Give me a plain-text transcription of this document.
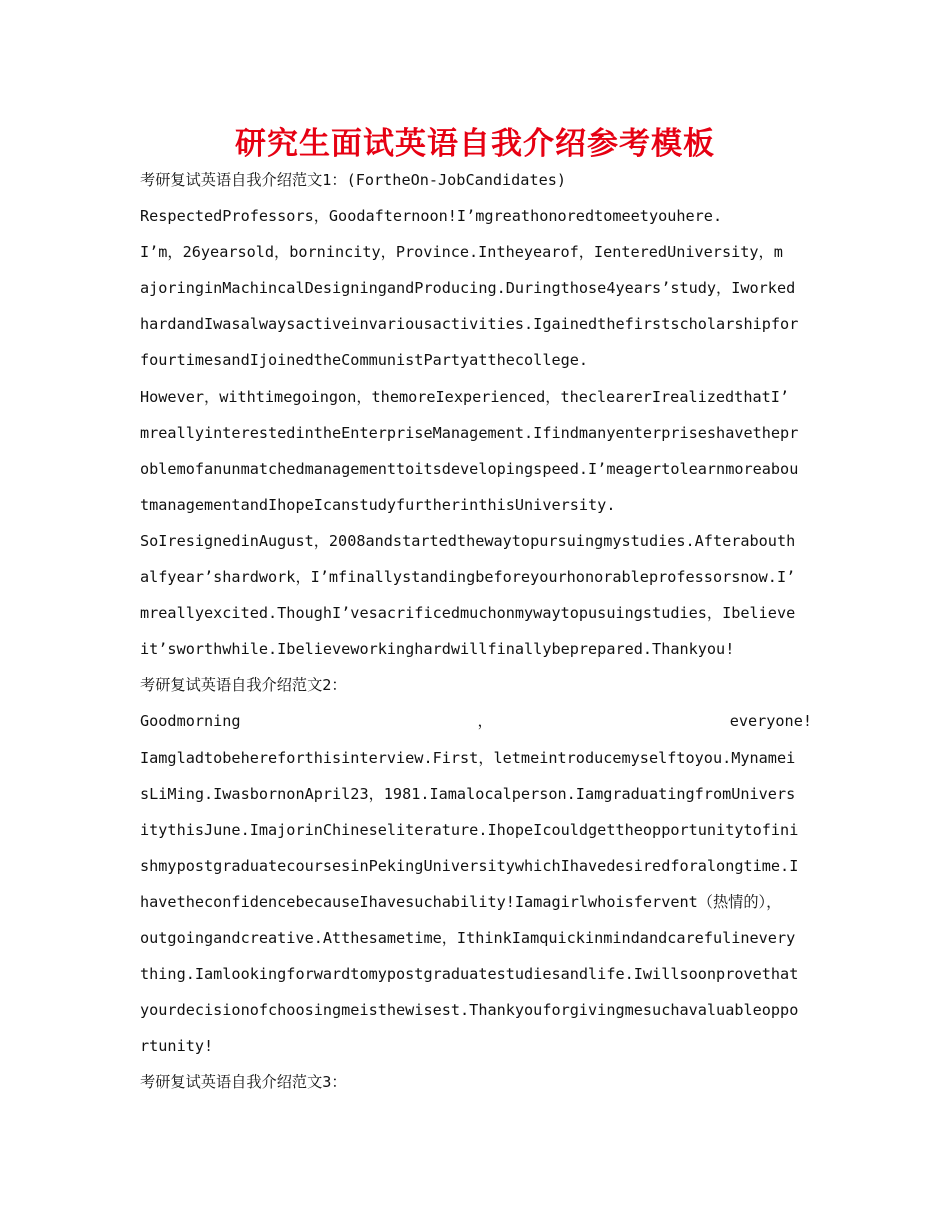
研究生面试英语自我介绍参考模板
考研复试英语自我介绍范文1：(FortheOn-JobCandidates)
RespectedProfessors，Goodafternoon!I’mgreathonoredtomeetyouhere.
I’m，26yearsold，bornincity，Province.Intheyearof，IenteredUniversity，m
ajoringinMachincalDesigningandProducing.Duringthose4years’study，Iworked
hardandIwasalwaysactiveinvariousactivities.Igainedthefirstscholarshipfor
fourtimesandIjoinedtheCommunistPartyatthecollege.
However，withtimegoingon，themoreIexperienced，theclearerIrealizedthatI’
mreallyinterestedintheEnterpriseManagement.Ifindmanyenterpriseshavethepr
oblemofanunmatchedmanagementtoitsdevelopingspeed.I’meagertolearnmoreabou
tmanagementandIhopeIcanstudyfurtherinthisUniversity.
SoIresignedinAugust，2008andstartedthewaytopursuingmystudies.Afterabouth
alfyear’shardwork，I’mfinallystandingbeforeyourhonorableprofessorsnow.I’
mreallyexcited.ThoughI’vesacrificedmuchonmywaytopusuingstudies，Ibelieve
it’sworthwhile.Ibelieveworkinghardwillfinallybeprepared.Thankyou!
考研复试英语自我介绍范文2：
Goodmorning	，	everyone!
Iamgladtobehereforthisinterview.First，letmeintroducemyselftoyou.Mynamei
sLiMing.IwasbornonApril23，1981.Iamalocalperson.IamgraduatingfromUnivers
itythisJune.ImajorinChineseliterature.IhopeIcouldgettheopportunitytofini
shmypostgraduatecoursesinPekingUniversitywhichIhavedesiredforalongtime.I
havetheconfidencebecauseIhavesuchability!Iamagirlwhoisfervent（热情的），
outgoingandcreative.Atthesametime，IthinkIamquickinmindandcarefulinevery
thing.Iamlookingforwardtomypostgraduatestudiesandlife.Iwillsoonprovethat
yourdecisionofchoosingmeisthewisest.Thankyouforgivingmesuchavaluableoppo
rtunity!
考研复试英语自我介绍范文3：
